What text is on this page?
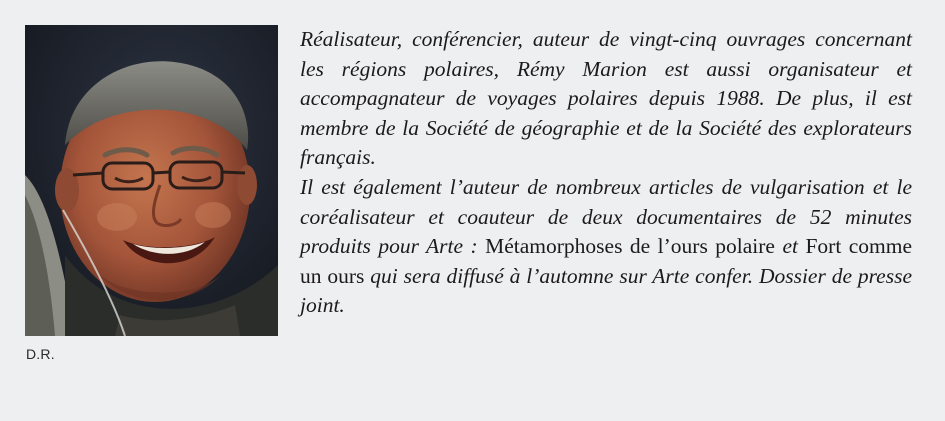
D.R.

Réalisateur, conférencier, auteur de vingt-cinq ouvrages concernant les régions polaires, Rémy Marion est aussi organisateur et accompagnateur de voyages polaires depuis 1988. De plus, il est membre de la Société de géographie et de la Société des explorateurs français.

Il est également l’auteur de nombreux articles de vulgarisation et le coréalisateur et coauteur de deux documentaires de 52 minutes produits pour Arte : Métamorphoses de l’ours polaire et Fort comme un ours qui sera diffusé à l’automne sur Arte confer. Dossier de presse joint.
